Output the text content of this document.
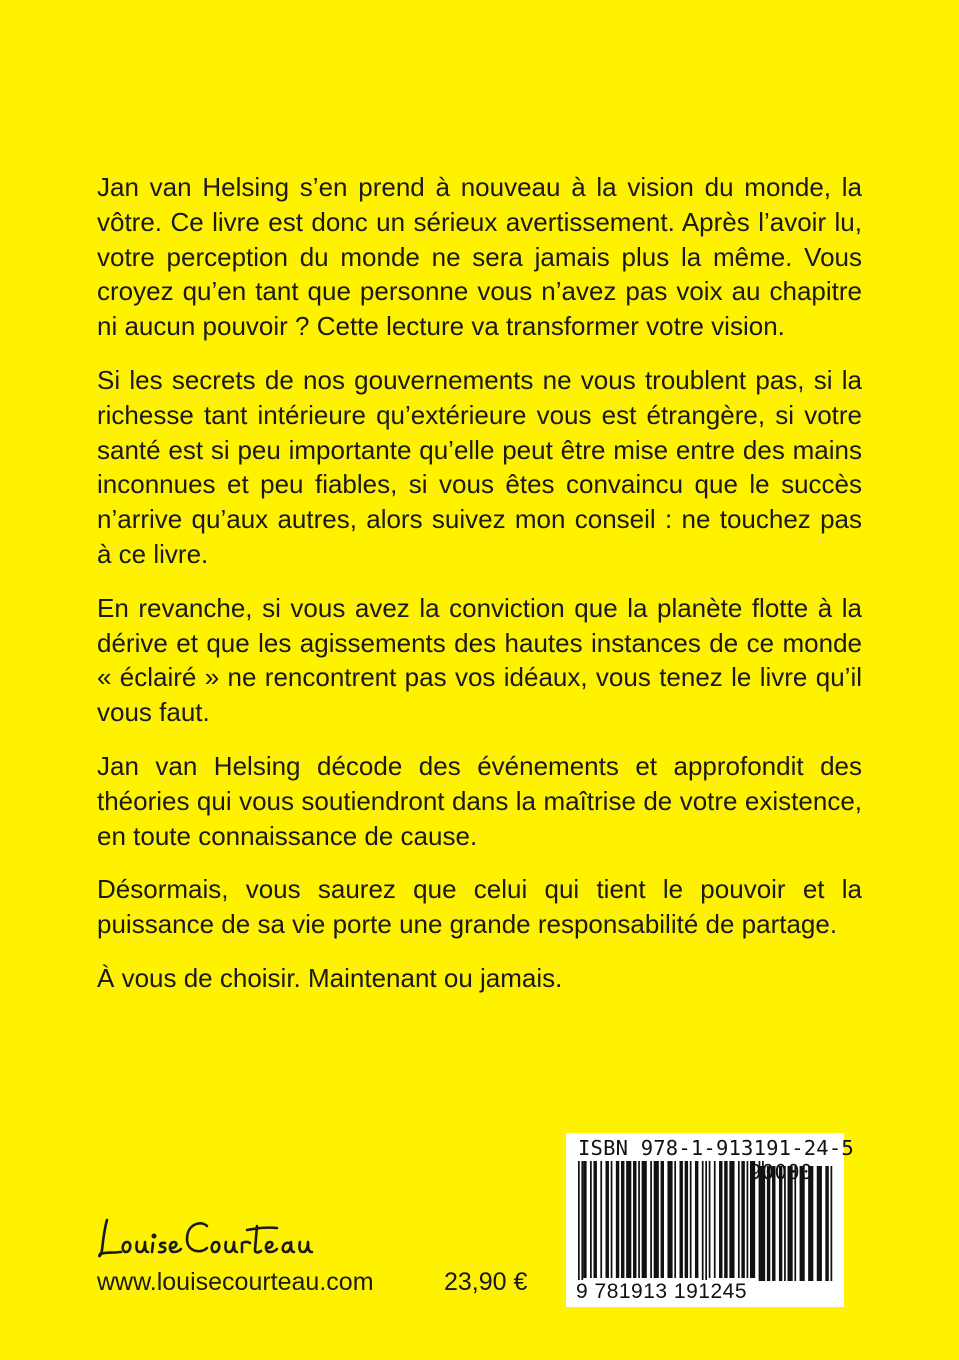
Jan van Helsing s’en prend à nouveau à la vision du monde, la vôtre. Ce livre est donc un sérieux avertissement. Après l’avoir lu, votre perception du monde ne sera jamais plus la même. Vous croyez qu’en tant que personne vous n’avez pas voix au chapitre ni aucun pouvoir ? Cette lecture va transformer votre vision.

Si les secrets de nos gouvernements ne vous troublent pas, si la richesse tant intérieure qu’extérieure vous est étrangère, si votre santé est si peu importante qu’elle peut être mise entre des mains inconnues et peu fiables, si vous êtes convaincu que le succès n’arrive qu’aux autres, alors suivez mon conseil : ne touchez pas à ce livre.

En revanche, si vous avez la conviction que la planète flotte à la dérive et que les agissements des hautes instances de ce monde « éclairé » ne rencontrent pas vos idéaux, vous tenez le livre qu’il vous faut.

Jan van Helsing décode des événements et approfondit des théories qui vous soutiendront dans la maîtrise de votre existence, en toute connaissance de cause.

Désormais, vous saurez que celui qui tient le pouvoir et la puissance de sa vie porte une grande responsabilité de partage.

À vous de choisir. Maintenant ou jamais.

www.louisecourteau.com	23,90 €
ISBN 978-1-913191-24-5
9 781913 191245
